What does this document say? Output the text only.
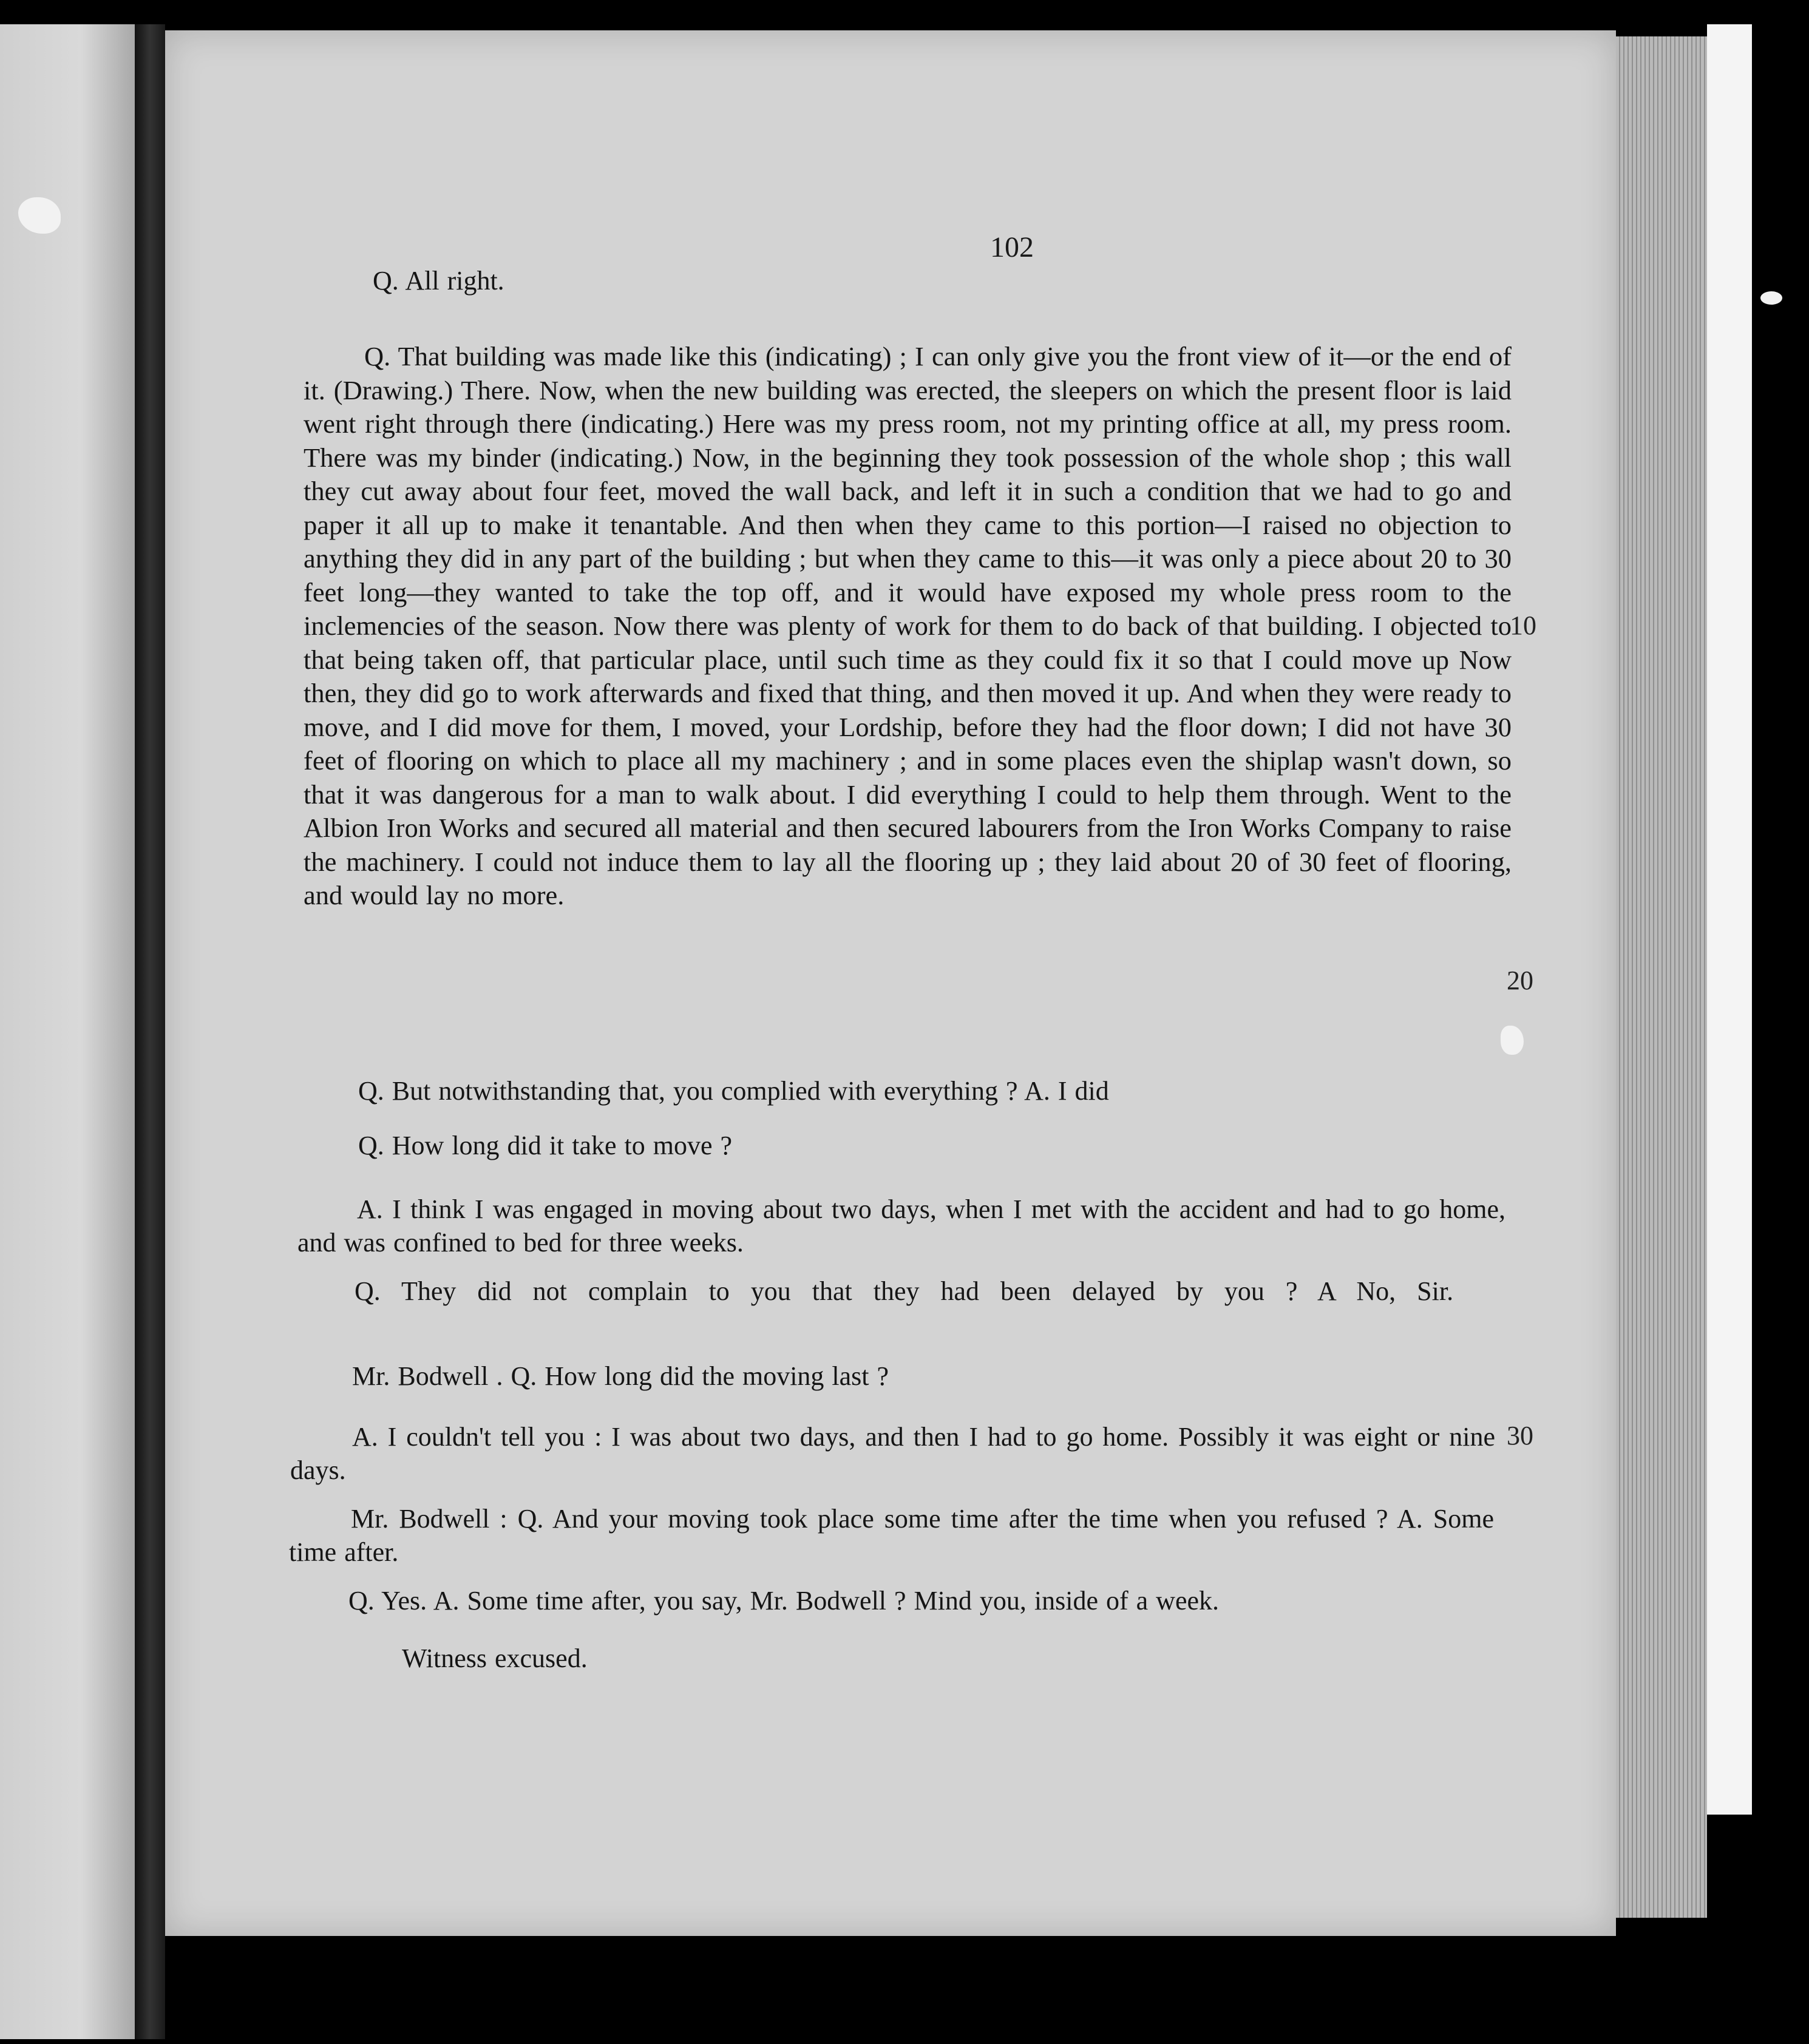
102
Q. All right.
Q. That building was made like this (indicating) ; I can only give you the front view of it—or the end of it. (Drawing.) There. Now, when the new building was erected, the sleepers on which the present floor is laid went right through there (indicating.) Here was my press room, not my printing office at all, my press room. There was my binder (indicating.) Now, in the beginning they took possession of the whole shop ; this wall they cut away about four feet, moved the wall back, and left it in such a condition that we had to go and paper it all up to make it tenantable. And then when they came to this portion—I raised no objection to anything they did in any part of the building ; but when they came to this—it was only a piece about 20 to 30 feet long—they wanted to take the top off, and it would have exposed my whole press room to the inclemencies of the season. Now there was plenty of work for them to do back of that building. I objected to that being taken off, that particular place, until such time as they could fix it so that I could move up Now then, they did go to work afterwards and fixed that thing, and then moved it up. And when they were ready to move, and I did move for them, I moved, your Lordship, before they had the floor down; I did not have 30 feet of flooring on which to place all my machinery ; and in some places even the shiplap wasn't down, so that it was dangerous for a man to walk about. I did everything I could to help them through. Went to the Albion Iron Works and secured all material and then secured labourers from the Iron Works Company to raise the machinery. I could not induce them to lay all the flooring up ; they laid about 20 of 30 feet of flooring, and would lay no more.
Q. But notwithstanding that, you complied with everything ? A. I did
Q. How long did it take to move ?
A. I think I was engaged in moving about two days, when I met with the accident and had to go home, and was confined to bed for three weeks.
Q. They did not complain to you that they had been delayed by you ? A No, Sir.
Mr. Bodwell . Q. How long did the moving last ?
A. I couldn't tell you : I was about two days, and then I had to go home. Possibly it was eight or nine days.
Mr. Bodwell : Q. And your moving took place some time after the time when you refused ? A. Some time after.
Q. Yes. A. Some time after, you say, Mr. Bodwell ? Mind you, inside of a week.
Witness excused.
10
20
30
